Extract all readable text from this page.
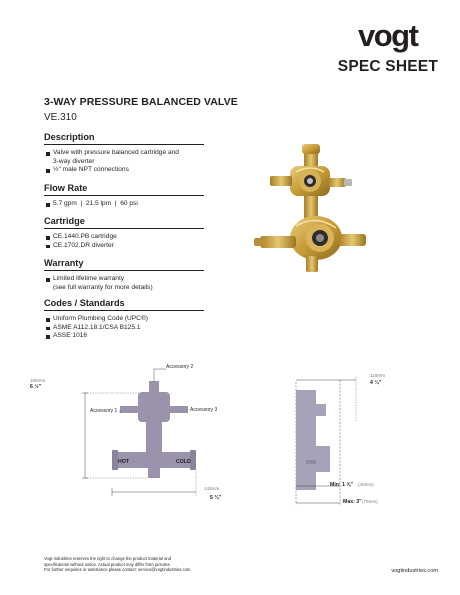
vogt
SPEC SHEET
3-WAY PRESSURE BALANCED VALVE
VE.310
Description
Valve with pressure balanced cartridge and
3-way diverter
½" male NPT connections
Flow Rate
5.7 gpm  |  21.5 lpm  |  60 psi
Cartridge
CE.1440.PB cartridge
CE.1702.DR diverter
Warranty
Limited lifetime warranty
(see full warranty for more details)
Codes / Standards
Uniform Plumbing Code (UPC®)
ASME A112.18.1/CSA B125.1
ASSE 1016
HOT	COLD
Accessory 2
Accessory 1	Accessory 3
165mm
6 ½"
145mm
5 ¾"
110mm
4 ¼"
Min: 1 ⅝" (40mm)
Max: 3" (75mm)
Vogt Industries reserves the right to change the product material and
specifications without notice. Actual product may differ from pictures.
For further enquiries or assistance please contact: service@vogtindustries.com	vogtindustries.com
